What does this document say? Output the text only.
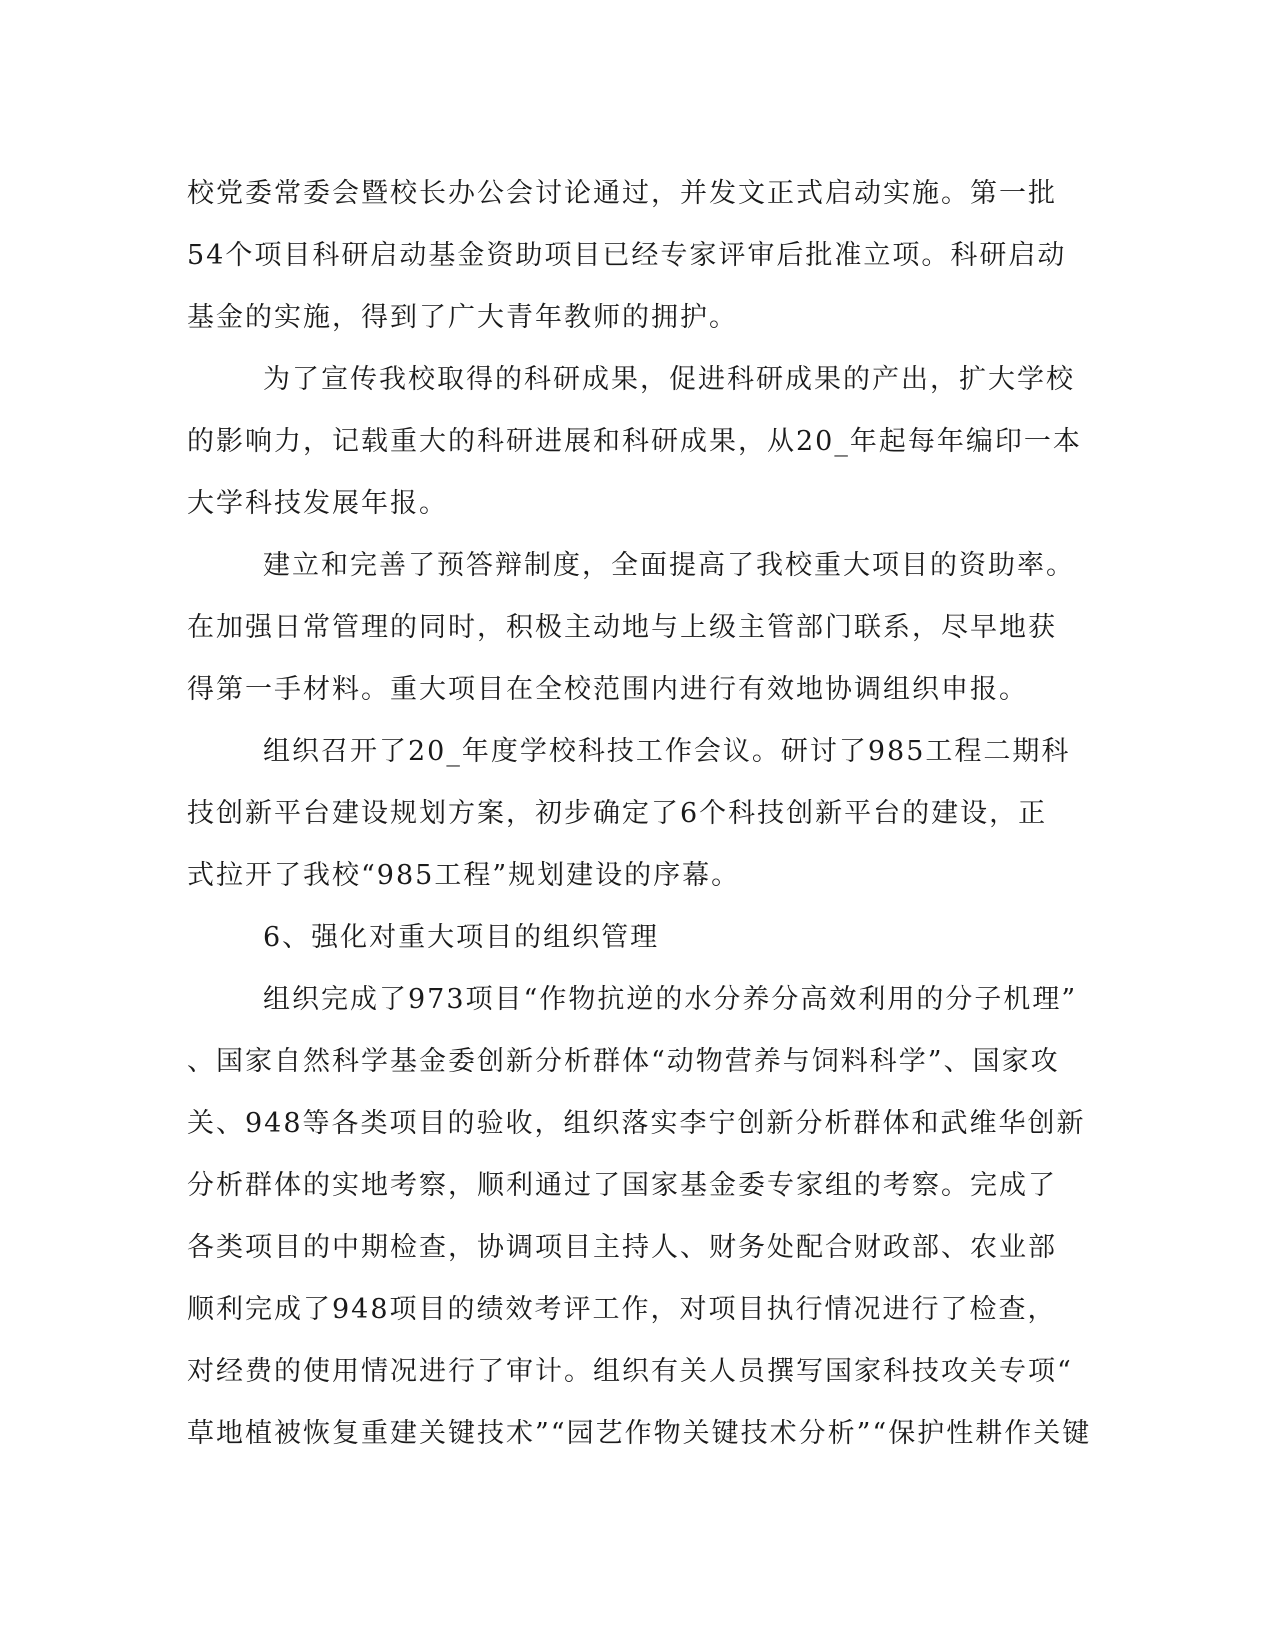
校党委常委会暨校长办公会讨论通过，并发文正式启动实施。第一批
54个项目科研启动基金资助项目已经专家评审后批准立项。科研启动
基金的实施，得到了广大青年教师的拥护。
为了宣传我校取得的科研成果，促进科研成果的产出，扩大学校
的影响力，记载重大的科研进展和科研成果，从20_年起每年编印一本
大学科技发展年报。
建立和完善了预答辩制度，全面提高了我校重大项目的资助率。
在加强日常管理的同时，积极主动地与上级主管部门联系，尽早地获
得第一手材料。重大项目在全校范围内进行有效地协调组织申报。
组织召开了20_年度学校科技工作会议。研讨了985工程二期科
技创新平台建设规划方案，初步确定了6个科技创新平台的建设，正
式拉开了我校“985工程”规划建设的序幕。
6、强化对重大项目的组织管理
组织完成了973项目“作物抗逆的水分养分高效利用的分子机理”
、国家自然科学基金委创新分析群体“动物营养与饲料科学”、国家攻
关、948等各类项目的验收，组织落实李宁创新分析群体和武维华创新
分析群体的实地考察，顺利通过了国家基金委专家组的考察。完成了
各类项目的中期检查，协调项目主持人、财务处配合财政部、农业部
顺利完成了948项目的绩效考评工作，对项目执行情况进行了检查，
对经费的使用情况进行了审计。组织有关人员撰写国家科技攻关专项“
草地植被恢复重建关键技术”“园艺作物关键技术分析”“保护性耕作关键
